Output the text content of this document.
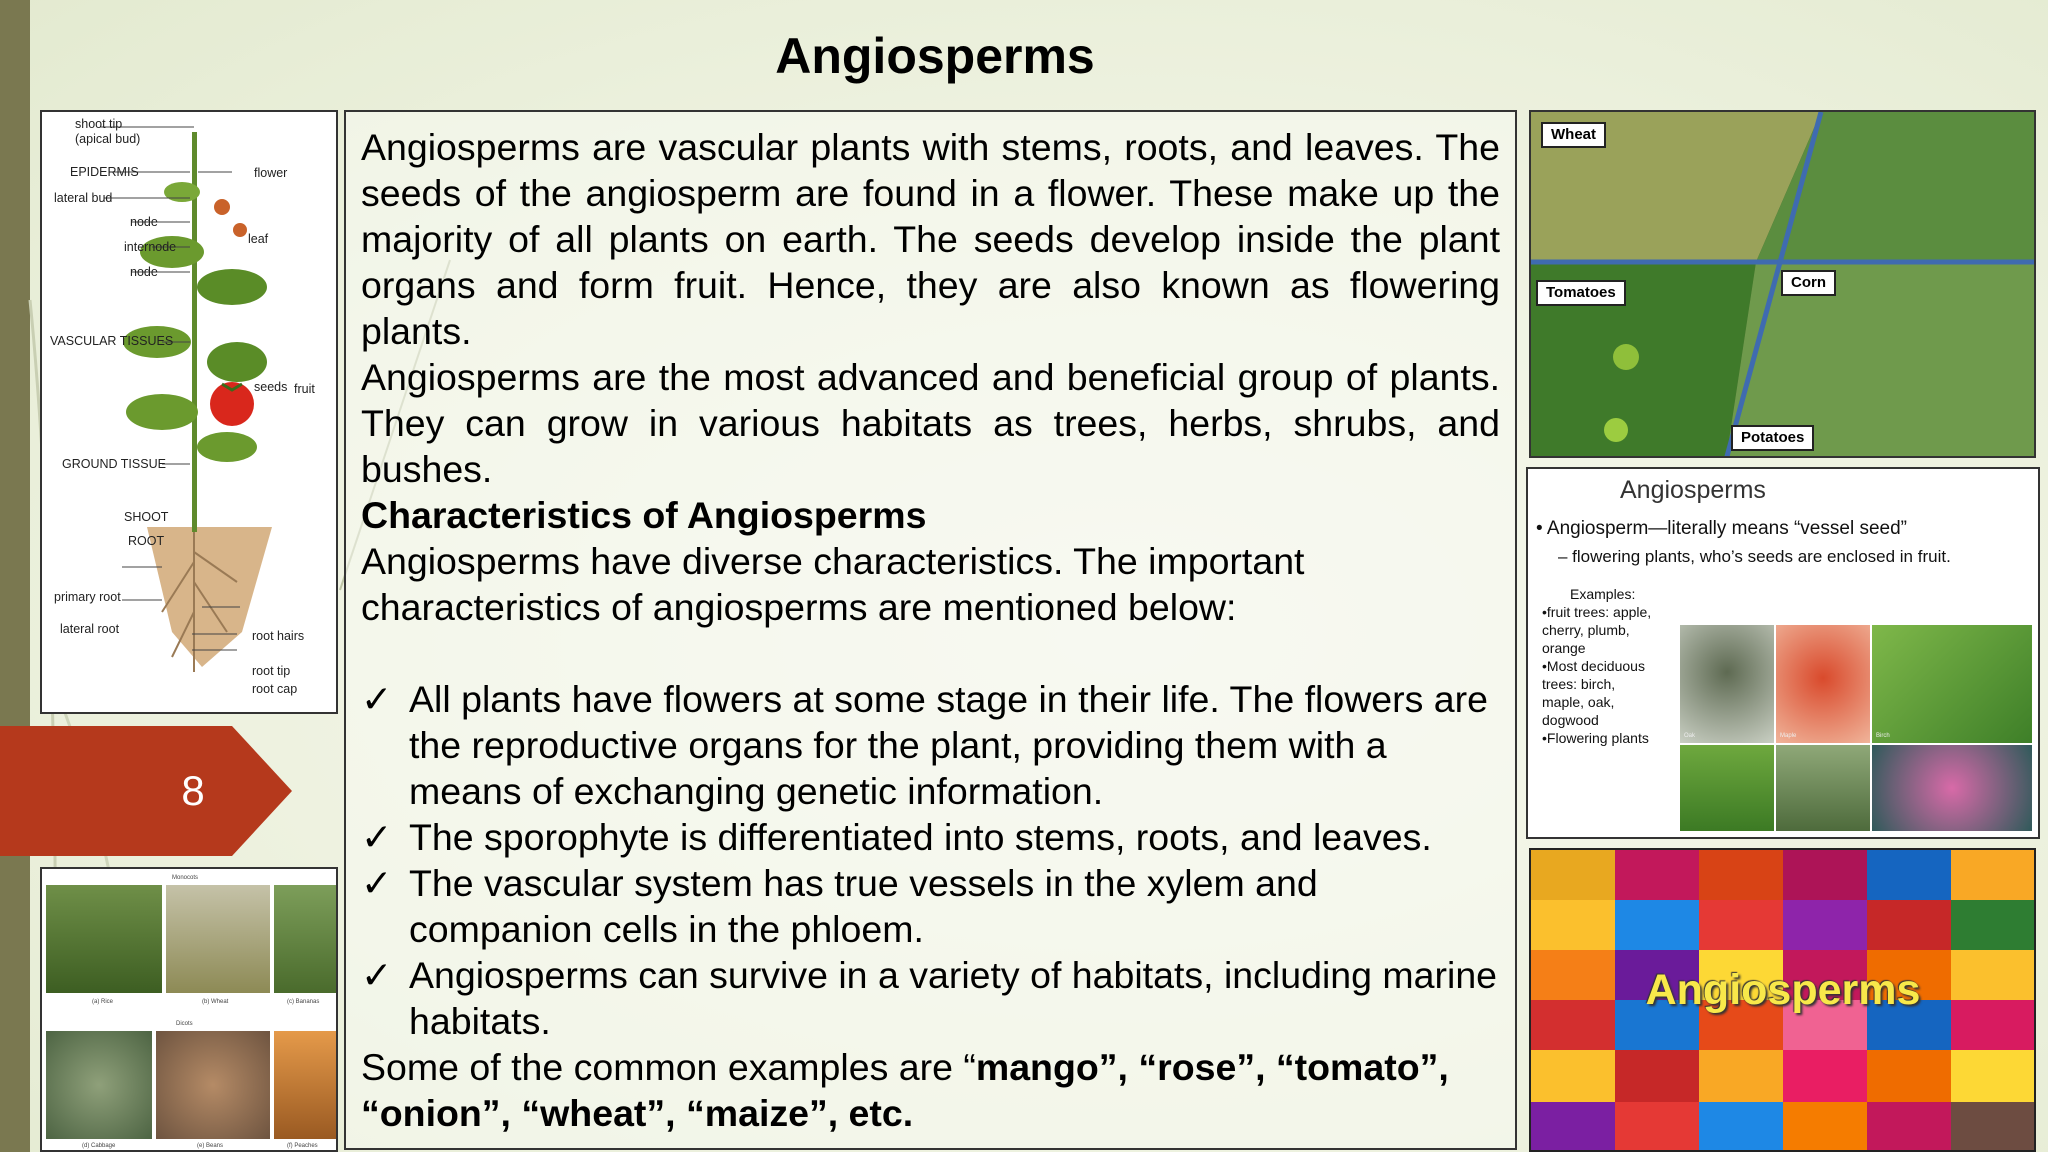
Angiosperms
shoot tip
(apical bud)
EPIDERMIS
lateral bud
node
internode
node
flower
leaf
VASCULAR TISSUES
seeds fruit
GROUND TISSUE
SHOOT
ROOT
primary root
lateral root	root hairs
root tip
root cap
8
Monocots
(a) Rice	(b) Wheat	(c) Bananas
Dicots
(d) Cabbage	(e) Beans	(f) Peaches

Angiosperms are vascular plants with stems, roots, and leaves. The seeds of the angiosperm are found in a flower. These make up the majority of all plants on earth. The seeds develop inside the plant organs and form fruit. Hence, they are also known as flowering plants.

Angiosperms are the most advanced and beneficial group of plants. They can grow in various habitats as trees, herbs, shrubs, and bushes.

Characteristics of Angiosperms

Angiosperms have diverse characteristics. The important characteristics of angiosperms are mentioned below:

✓ All plants have flowers at some stage in their life. The flowers are the reproductive organs for the plant, providing them with a means of exchanging genetic information.
✓ The sporophyte is differentiated into stems, roots, and leaves.
✓ The vascular system has true vessels in the xylem and companion cells in the phloem.
✓ Angiosperms can survive in a variety of habitats, including marine habitats.

Some of the common examples are “mango”, “rose”, “tomato”, “onion”, “wheat”, “maize”, etc.

Wheat
Corn
Tomatoes
Potatoes
Angiosperms
• Angiosperm—literally means “vessel seed”
– flowering plants, who’s seeds are enclosed in fruit.
Examples:
•fruit trees: apple,
cherry, plumb,
orange
•Most deciduous
trees: birch,
maple, oak,
dogwood
•Flowering plants	Oak	Maple	Birch
Angiosperms
